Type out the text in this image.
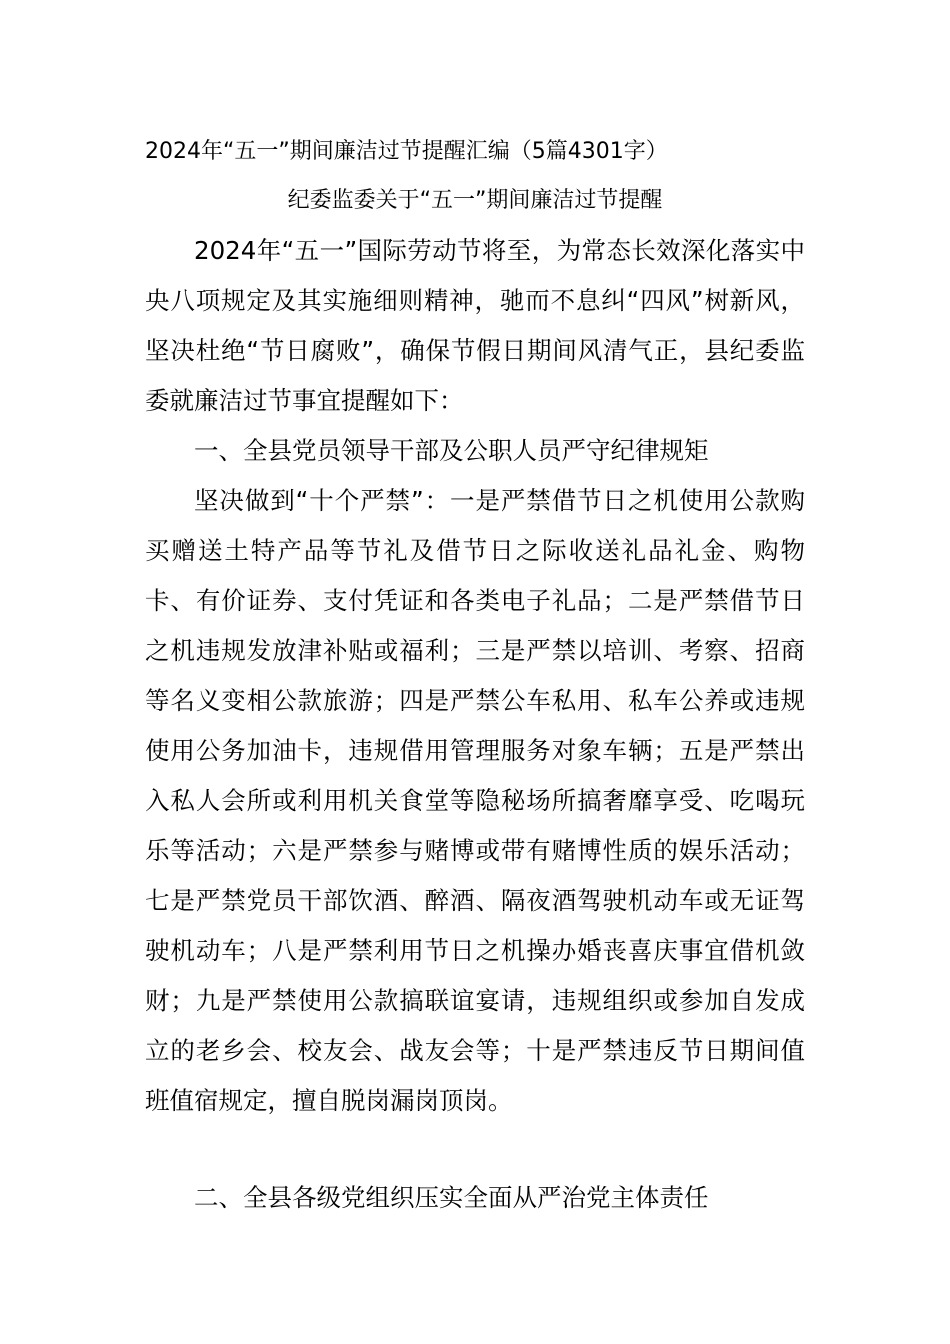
2024年“五一”期间廉洁过节提醒汇编（5篇4301字）
纪委监委关于“五一”期间廉洁过节提醒

2024年“五一”国际劳动节将至，为常态长效深化落实中央八项规定及其实施细则精神，驰而不息纠“四风”树新风，坚决杜绝“节日腐败”，确保节假日期间风清气正，县纪委监委就廉洁过节事宜提醒如下：

一、全县党员领导干部及公职人员严守纪律规矩

坚决做到“十个严禁”：一是严禁借节日之机使用公款购买赠送土特产品等节礼及借节日之际收送礼品礼金、购物卡、有价证券、支付凭证和各类电子礼品；二是严禁借节日之机违规发放津补贴或福利；三是严禁以培训、考察、招商等名义变相公款旅游；四是严禁公车私用、私车公养或违规使用公务加油卡，违规借用管理服务对象车辆；五是严禁出入私人会所或利用机关食堂等隐秘场所搞奢靡享受、吃喝玩乐等活动；六是严禁参与赌博或带有赌博性质的娱乐活动；七是严禁党员干部饮酒、醉酒、隔夜酒驾驶机动车或无证驾驶机动车；八是严禁利用节日之机操办婚丧喜庆事宜借机敛财；九是严禁使用公款搞联谊宴请，违规组织或参加自发成立的老乡会、校友会、战友会等；十是严禁违反节日期间值班值宿规定，擅自脱岗漏岗顶岗。

二、全县各级党组织压实全面从严治党主体责任
